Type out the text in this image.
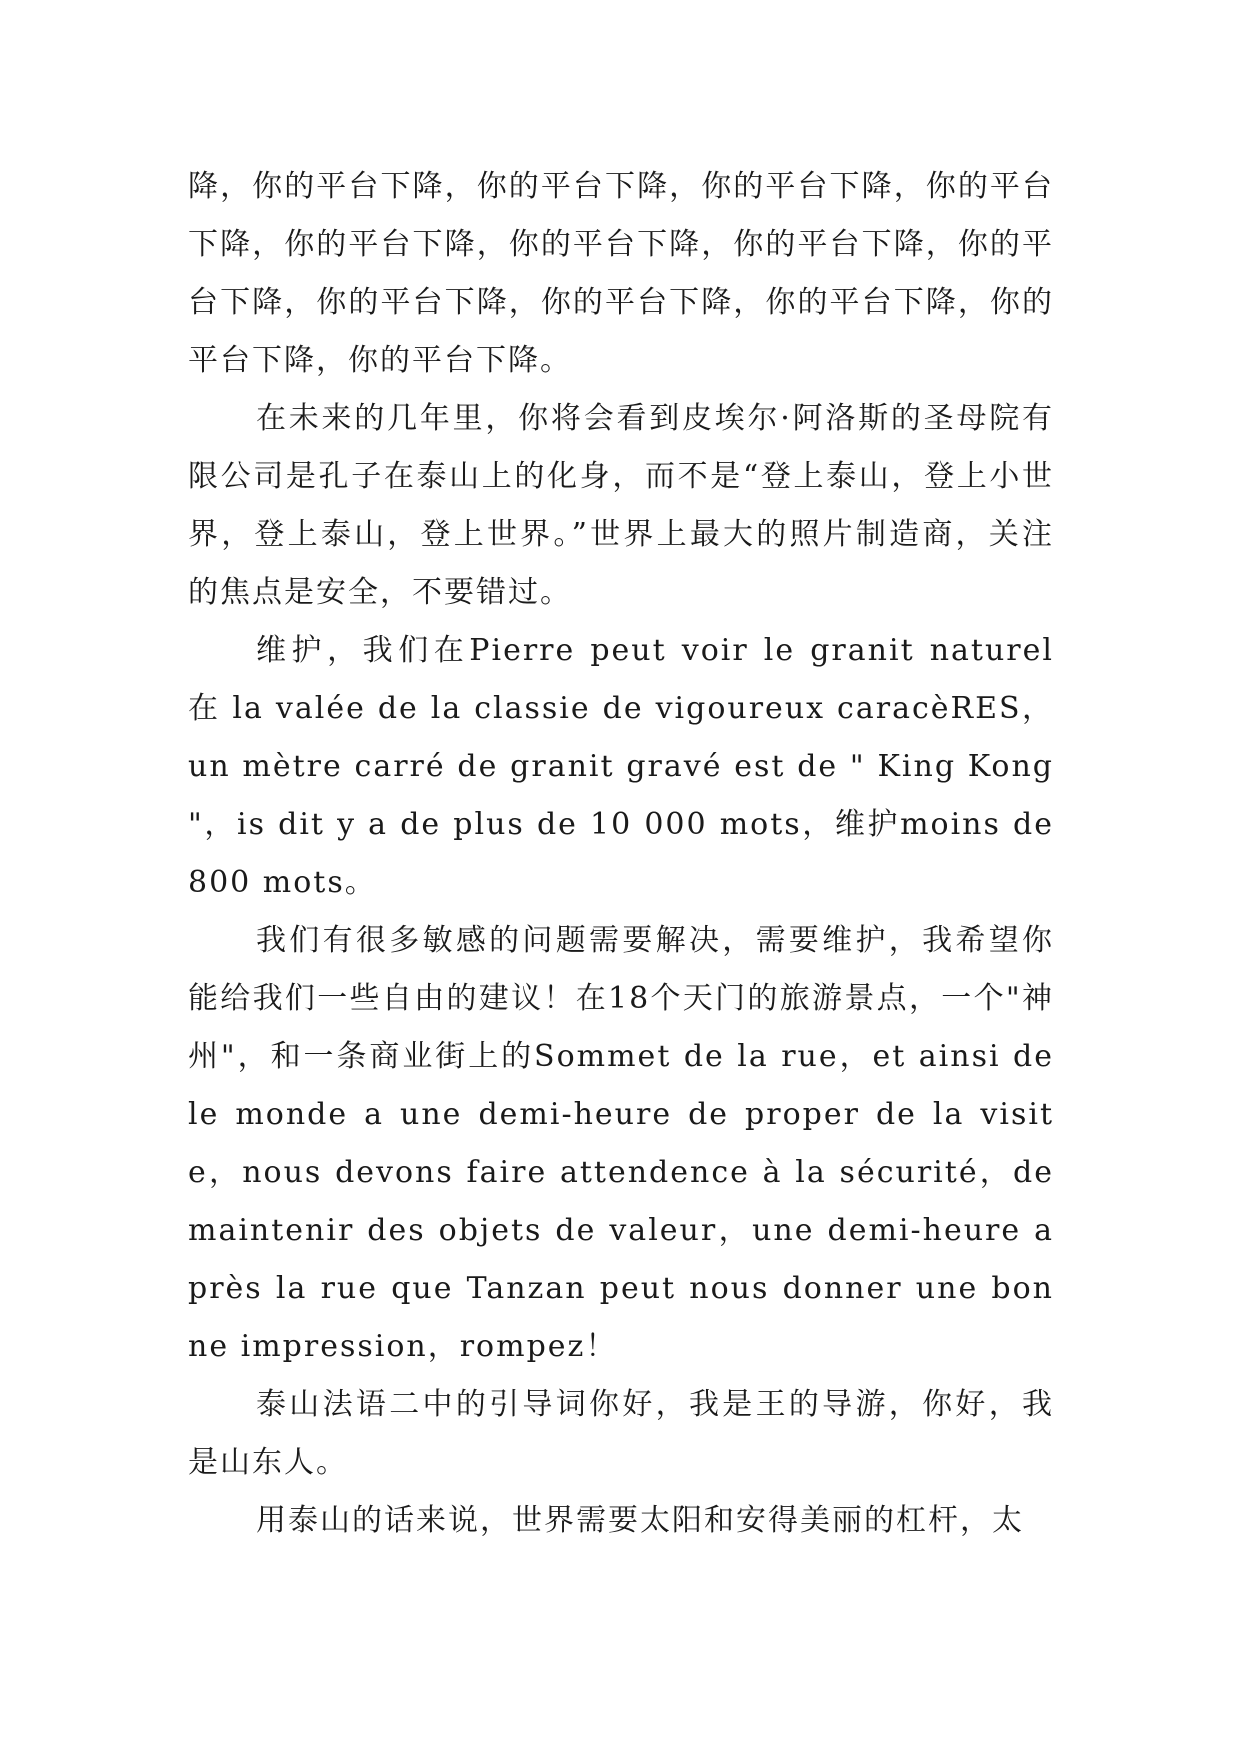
降，你的平台下降，你的平台下降，你的平台下降，你的平台下降，你的平台下降，你的平台下降，你的平台下降，你的平台下降，你的平台下降，你的平台下降，你的平台下降，你的平台下降，你的平台下降。

在未来的几年里，你将会看到皮埃尔·阿洛斯的圣母院有限公司是孔子在泰山上的化身，而不是“登上泰山，登上小世界，登上泰山，登上世界。”世界上最大的照片制造商，关注的焦点是安全，不要错过。

维护，我们在Pierre peut voir le granit naturel 在 la valée de la classie de vigoureux caracèRES，un mètre carré de granit gravé est de " King Kong "，is dit y a de plus de 10 000 mots，维护moins de 800 mots。

我们有很多敏感的问题需要解决，需要维护，我希望你能给我们一些自由的建议！在18个天门的旅游景点，一个"神州"，和一条商业街上的Sommet de la rue，et ainsi de le monde a une demi-heure de proper de la visite，nous devons faire attendence à la sécurité，de maintenir des objets de valeur，une demi-heure après la rue que Tanzan peut nous donner une bonne impression，rompez！

泰山法语二中的引导词你好，我是王的导游，你好，我是山东人。

用泰山的话来说，世界需要太阳和安得美丽的杠杆，太
